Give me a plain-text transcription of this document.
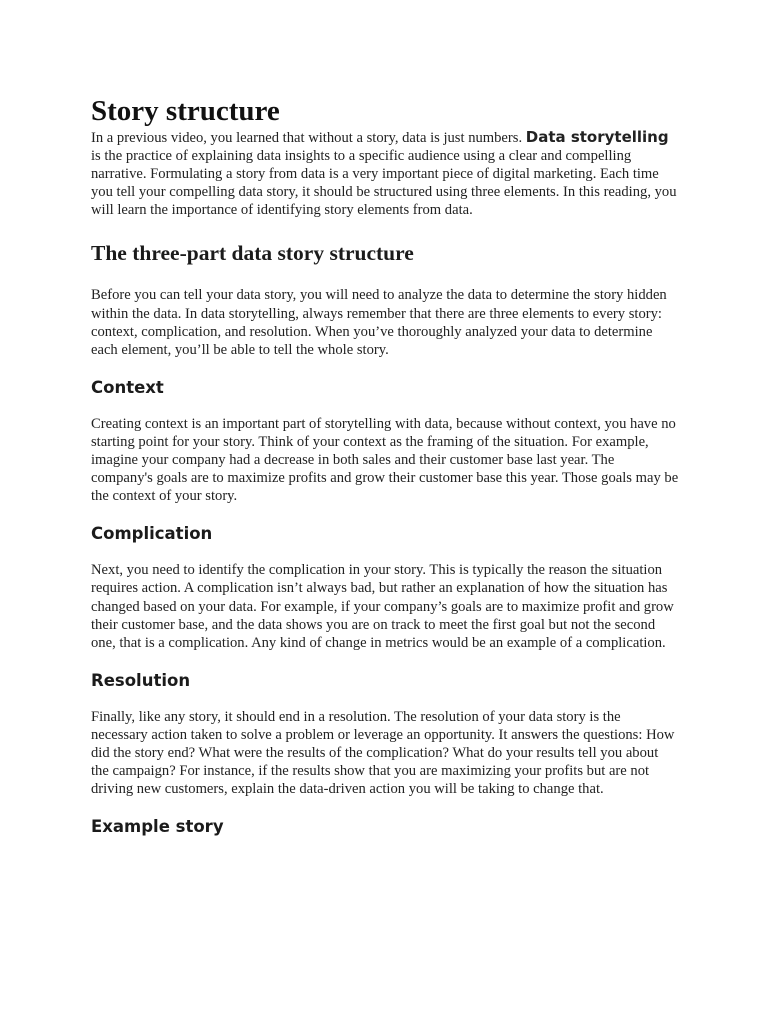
Story structure

In a previous video, you learned that without a story, data is just numbers. Data storytelling is the practice of explaining data insights to a specific audience using a clear and compelling narrative. Formulating a story from data is a very important piece of digital marketing. Each time you tell your compelling data story, it should be structured using three elements. In this reading, you will learn the importance of identifying story elements from data.

The three-part data story structure

Before you can tell your data story, you will need to analyze the data to determine the story hidden within the data. In data storytelling, always remember that there are three elements to every story: context, complication, and resolution. When you’ve thoroughly analyzed your data to determine each element, you’ll be able to tell the whole story.

Context

Creating context is an important part of storytelling with data, because without context, you have no starting point for your story. Think of your context as the framing of the situation. For example, imagine your company had a decrease in both sales and their customer base last year. The company's goals are to maximize profits and grow their customer base this year. Those goals may be the context of your story.

Complication

Next, you need to identify the complication in your story. This is typically the reason the situation requires action. A complication isn’t always bad, but rather an explanation of how the situation has changed based on your data. For example, if your company’s goals are to maximize profit and grow their customer base, and the data shows you are on track to meet the first goal but not the second one, that is a complication. Any kind of change in metrics would be an example of a complication.

Resolution

Finally, like any story, it should end in a resolution. The resolution of your data story is the necessary action taken to solve a problem or leverage an opportunity. It answers the questions: How did the story end? What were the results of the complication? What do your results tell you about the campaign? For instance, if the results show that you are maximizing your profits but are not driving new customers, explain the data-driven action you will be taking to change that.

Example story
